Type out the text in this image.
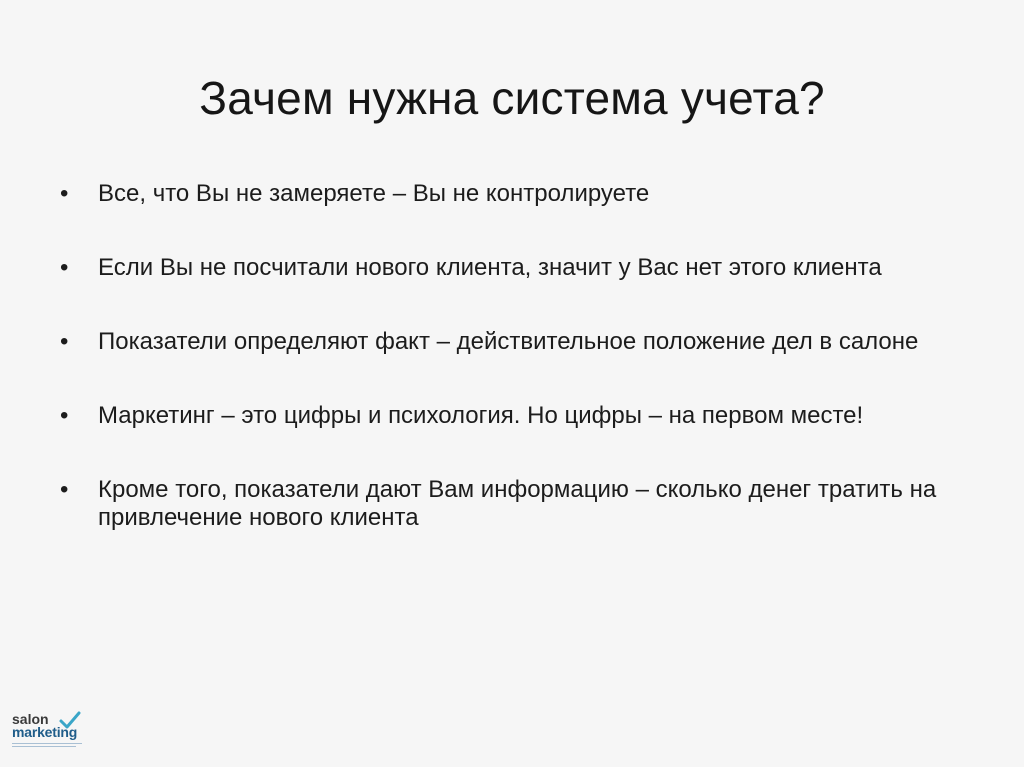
Зачем нужна система учета?
•	Все, что Вы не замеряете – Вы не контролируете
•	Если Вы не посчитали нового клиента, значит у Вас нет этого клиента
•	Показатели определяют факт – действительное положение дел в салоне
•	Маркетинг – это цифры и психология. Но цифры – на первом месте!
•	Кроме того, показатели дают Вам информацию – сколько денег тратить на привлечение нового клиента
salon
marketing
